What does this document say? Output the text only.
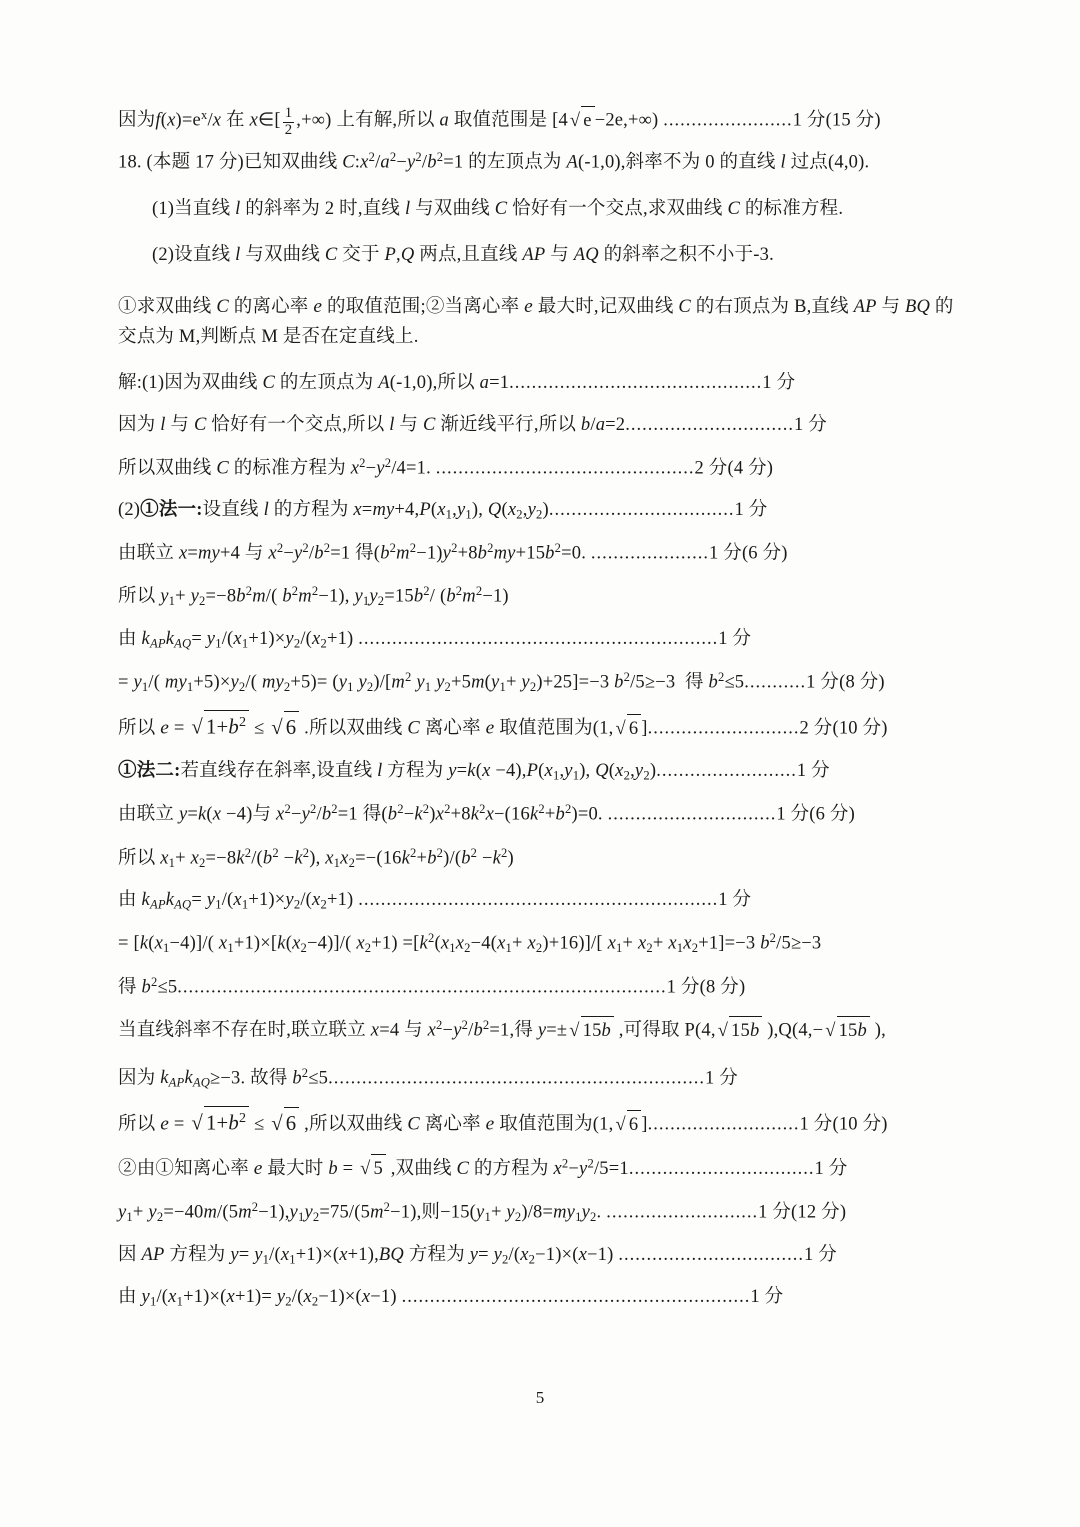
因为$f(x)=e^x/x$ 在 x∈[ $\frac{1}{2}$ ,+∞) 上有解,所以 a 取值范围是 [4 √ e −2e,+∞) .......................1 分(15 分)

18. (本题 17 分)已知双曲线 $C:x^2/a^2-y^2/b^2=1$ 的左顶点为 A(-1,0),斜率不为 0 的直线 l 过点(4,0).

(1)当直线 l 的斜率为 2 时,直线 l 与双曲线 C 恰好有一个交点,求双曲线 C 的标准方程.

(2)设直线 l 与双曲线 C 交于 P,Q 两点,且直线 AP 与 AQ 的斜率之积不小于-3.

①求双曲线 C 的离心率 e 的取值范围;②当离心率 e 最大时,记双曲线 C 的右顶点为 B,直线 AP 与 BQ 的交点为 M,判断点 M 是否在定直线上.

解:(1)因为双曲线 C 的左顶点为 A(-1,0),所以 a=1.............................................1 分

因为 l 与 C 恰好有一个交点,所以 l 与 C 渐近线平行,所以 b/a=2..............................1 分

所以双曲线 C 的标准方程为 $x^2-y^2/4=1$. ..............................................2 分(4 分)

(2)①法一:设直线 l 的方程为 $x=my+4,P(x_1,y_1)$, $Q(x_2,y_2).................................1$ 分

由联立 x=my+4 与 $x^2-y^2/b^2=1$ 得$(b^2m^2-1)y^2+8b^2my+15b^2=0$. .....................1 分(6 分)

所以 $y_1+ y_2=-8b^2m/$( $b^2m^2-1$), $y_1y_2=15b^2/$ $(b^2m^2-1)$

由 $k_{AP}k_{AQ}= y_1/(x_1+1)\times y_2/(x_2+1)$ ................................................................1 分

= $y_1/$( $my_1+5)\times y_2/$( $my_2+5)= (y_1$ $y_2)/[m^2$ $y_1$ $y_2+5m(y_1+ y_2)+25]=-3$ $b^2/5\ge-3$  得 $b^2\le 5...........1$ 分(8 分)

所以 e = √ $1+b^2$ ≤ √ 6 .所以双曲线 C 离心率 e 取值范围为(1, √ 6 ]...........................2 分(10 分)

①法二:若直线存在斜率,设直线 l 方程为 $y=k(x -4),P(x_1,y_1)$, $Q(x_2,y_2).........................1$ 分

由联立 y=k(x −4)与 $x^2-y^2/b^2=1$ 得$(b^2-k^2)x^2+8k^2x-(16k^2+b^2)=0$. ..............................1 分(6 分)

所以 $x_1+ x_2=-8k^2/(b^2 -k^2)$, $x_1x_2=-(16k^2+b^2)/(b^2 -k^2)$

由 $k_{AP}k_{AQ}= y_1/(x_1+1)\times y_2/(x_2+1)$ ................................................................1 分

= $[k(x_1-4)]/$( $x_1+1)\times[k(x_2-4)]/$( $x_2+1) =[k^2(x_1x_2-4(x_1+ x_2)+16)]/$[ $x_1+ x_2+ x_1x_2+1]=-3$ $b^2/5\ge-3$

得 $b^2\le 5.......................................................................................1$ 分(8 分)

当直线斜率不存在时,联立联立 x=4 与 $x^2-y^2/b^2=1$,得 y=± √ 15b ,可得取 P(4, √ 15b ),Q(4,− √ 15b ),

因为 $k_{AP}k_{AQ}\ge-3$. 故得 $b^2\le 5...................................................................1$ 分

所以 e = √ $1+b^2$ ≤ √ 6 ,所以双曲线 C 离心率 e 取值范围为(1, √ 6 ]...........................1 分(10 分)

②由①知离心率 e 最大时 b = √ 5 ,双曲线 C 的方程为 $x^2-y^2/5=1.................................1$ 分

$y_1+ y_2=-40m/(5m^2-1),y_1y_2=75/(5m^2-1)$,则$-15(y_1+ y_2)/8=my_1y_2$. ...........................1 分(12 分)

因 AP 方程为 $y= y_1/(x_1+1)\times(x+1),BQ$ 方程为 $y= y_2/(x_2-1)\times(x-1)$ .................................1 分

由 $y_1/(x_1+1)\times(x+1)= y_2/(x_2-1)\times(x-1)$ ..............................................................1 分

5
